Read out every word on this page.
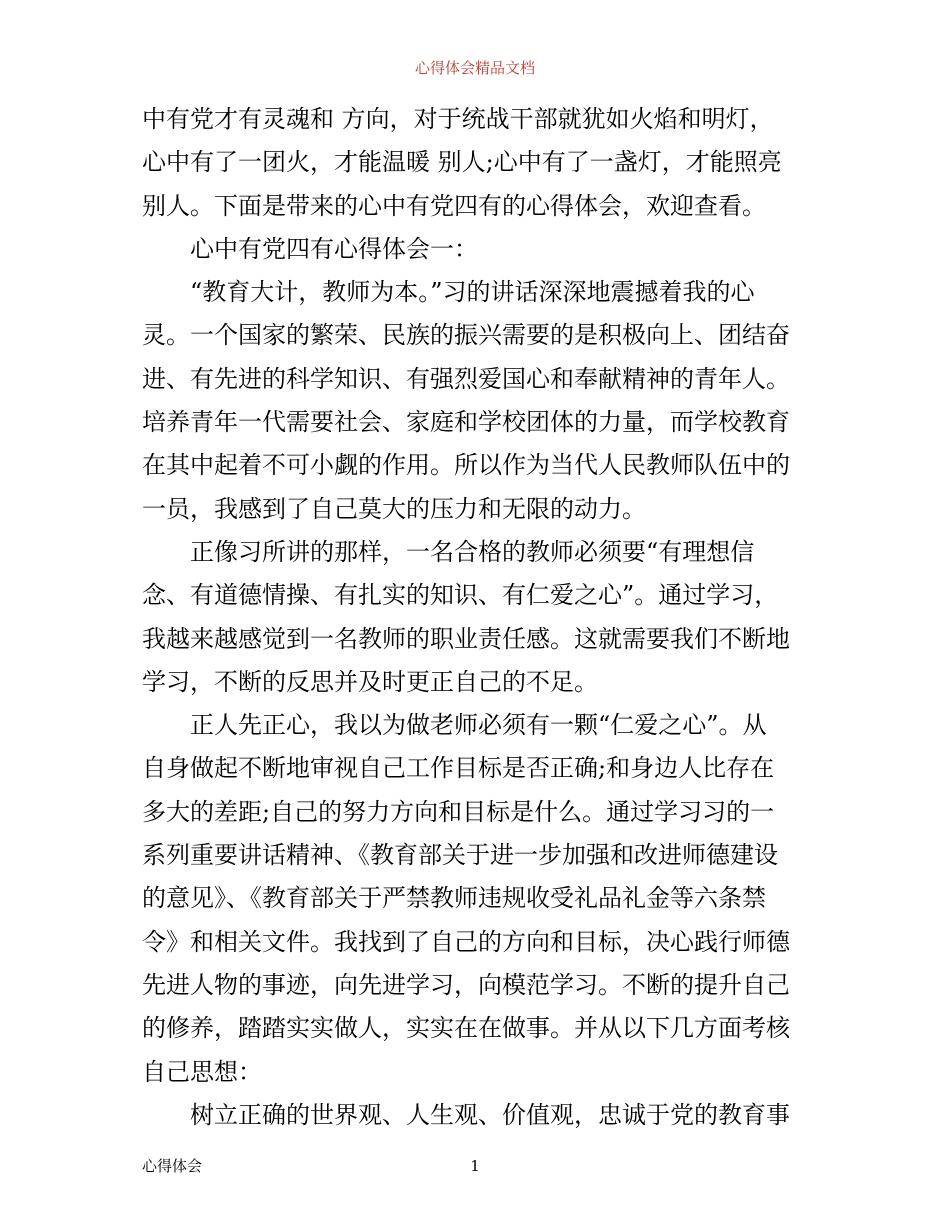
心得体会精品文档
中有党才有灵魂和 方向，对于统战干部就犹如火焰和明灯，
心中有了一团火，才能温暖 别人;心中有了一盏灯，才能照亮
别人。下面是带来的心中有党四有的心得体会，欢迎查看。
　　心中有党四有心得体会一：
　　“教育大计，教师为本。”习的讲话深深地震撼着我的心
灵。一个国家的繁荣、民族的振兴需要的是积极向上、团结奋
进、有先进的科学知识、有强烈爱国心和奉献精神的青年人。
培养青年一代需要社会、家庭和学校团体的力量，而学校教育
在其中起着不可小觑的作用。所以作为当代人民教师队伍中的
一员，我感到了自己莫大的压力和无限的动力。
　　正像习所讲的那样，一名合格的教师必须要“有理想信
念、有道德情操、有扎实的知识、有仁爱之心”。通过学习，
我越来越感觉到一名教师的职业责任感。这就需要我们不断地
学习，不断的反思并及时更正自己的不足。
　　正人先正心，我以为做老师必须有一颗“仁爱之心”。从
自身做起不断地审视自己工作目标是否正确;和身边人比存在
多大的差距;自己的努力方向和目标是什么。通过学习习的一
系列重要讲话精神、《教育部关于进一步加强和改进师德建设
的意见》、《教育部关于严禁教师违规收受礼品礼金等六条禁
令》和相关文件。我找到了自己的方向和目标，决心践行师德
先进人物的事迹，向先进学习，向模范学习。不断的提升自己
的修养，踏踏实实做人，实实在在做事。并从以下几方面考核
自己思想：
　　树立正确的世界观、人生观、价值观，忠诚于党的教育事
心得体会	1
